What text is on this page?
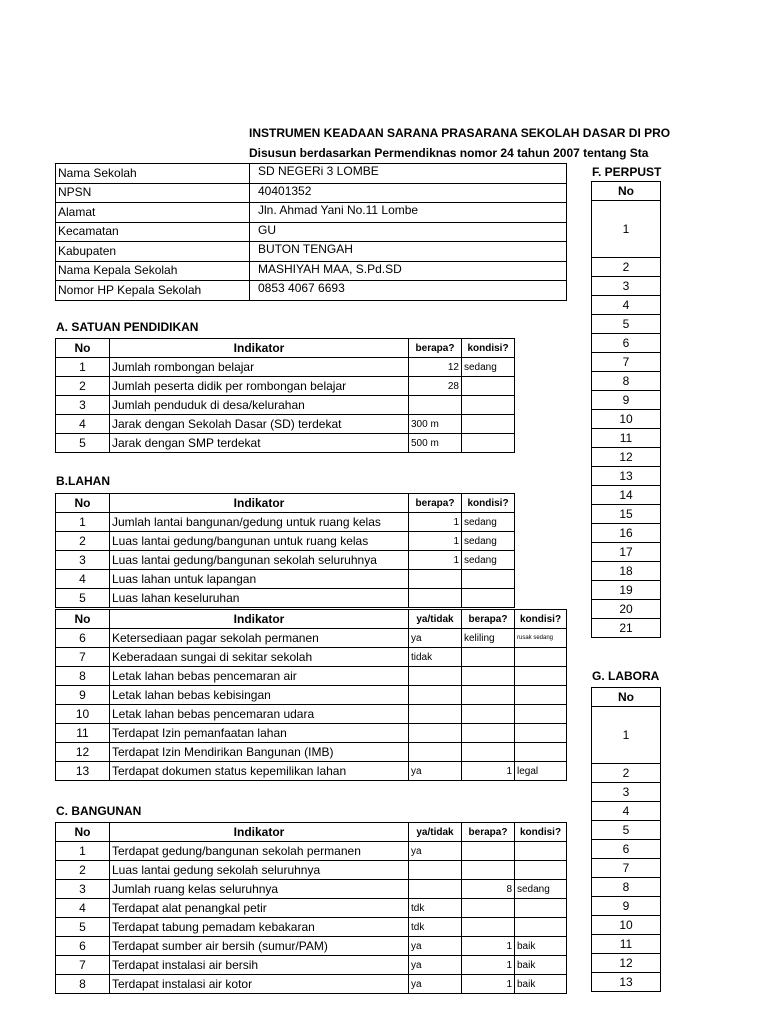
INSTRUMEN KEADAAN SARANA PRASARANA SEKOLAH DASAR DI PRO
Disusun berdasarkan Permendiknas nomor 24 tahun 2007 tentang Sta
Nama Sekolah	SD NEGERi 3 LOMBE
NPSN	40401352
Alamat	Jln. Ahmad Yani No.11 Lombe
Kecamatan	GU
Kabupaten	BUTON TENGAH
Nama Kepala Sekolah	MASHIYAH MAA, S.Pd.SD
Nomor HP Kepala Sekolah	0853 4067 6693
A. SATUAN PENDIDIKAN
No	Indikator	berapa?	kondisi?
1	Jumlah rombongan belajar	12	sedang
2	Jumlah peserta didik per rombongan belajar	28	
3	Jumlah penduduk di desa/kelurahan		
4	Jarak dengan Sekolah Dasar (SD) terdekat	300 m	
5	Jarak dengan SMP terdekat	500 m	
B.LAHAN
No	Indikator	berapa?	kondisi?
1	Jumlah lantai bangunan/gedung untuk ruang kelas	1	sedang
2	Luas lantai gedung/bangunan untuk ruang kelas	1	sedang
3	Luas lantai gedung/bangunan sekolah seluruhnya	1	sedang
4	Luas lahan untuk lapangan		
5	Luas lahan keseluruhan		
No	Indikator	ya/tidak	berapa?	kondisi?
6	Ketersediaan pagar sekolah permanen	ya	keliling	rusak sedang
7	Keberadaan sungai di sekitar sekolah	tidak		
8	Letak lahan bebas pencemaran air			
9	Letak lahan bebas kebisingan			
10	Letak lahan bebas pencemaran udara			
11	Terdapat Izin pemanfaatan lahan			
12	Terdapat Izin Mendirikan Bangunan (IMB)			
13	Terdapat dokumen status kepemilikan lahan	ya	1	legal
C. BANGUNAN
No	Indikator	ya/tidak	berapa?	kondisi?
1	Terdapat gedung/bangunan sekolah permanen	ya		
2	Luas lantai gedung sekolah seluruhnya			
3	Jumlah ruang kelas seluruhnya		8	sedang
4	Terdapat alat penangkal petir	tdk		
5	Terdapat tabung pemadam kebakaran	tdk		
6	Terdapat sumber air bersih (sumur/PAM)	ya	1	baik
7	Terdapat instalasi air bersih	ya	1	baik
8	Terdapat instalasi air kotor	ya	1	baik
F. PERPUST
No
1
2
3
4
5
6
7
8
9
10
11
12
13
14
15
16
17
18
19
20
21
G. LABORA
No
1
2
3
4
5
6
7
8
9
10
11
12
13
